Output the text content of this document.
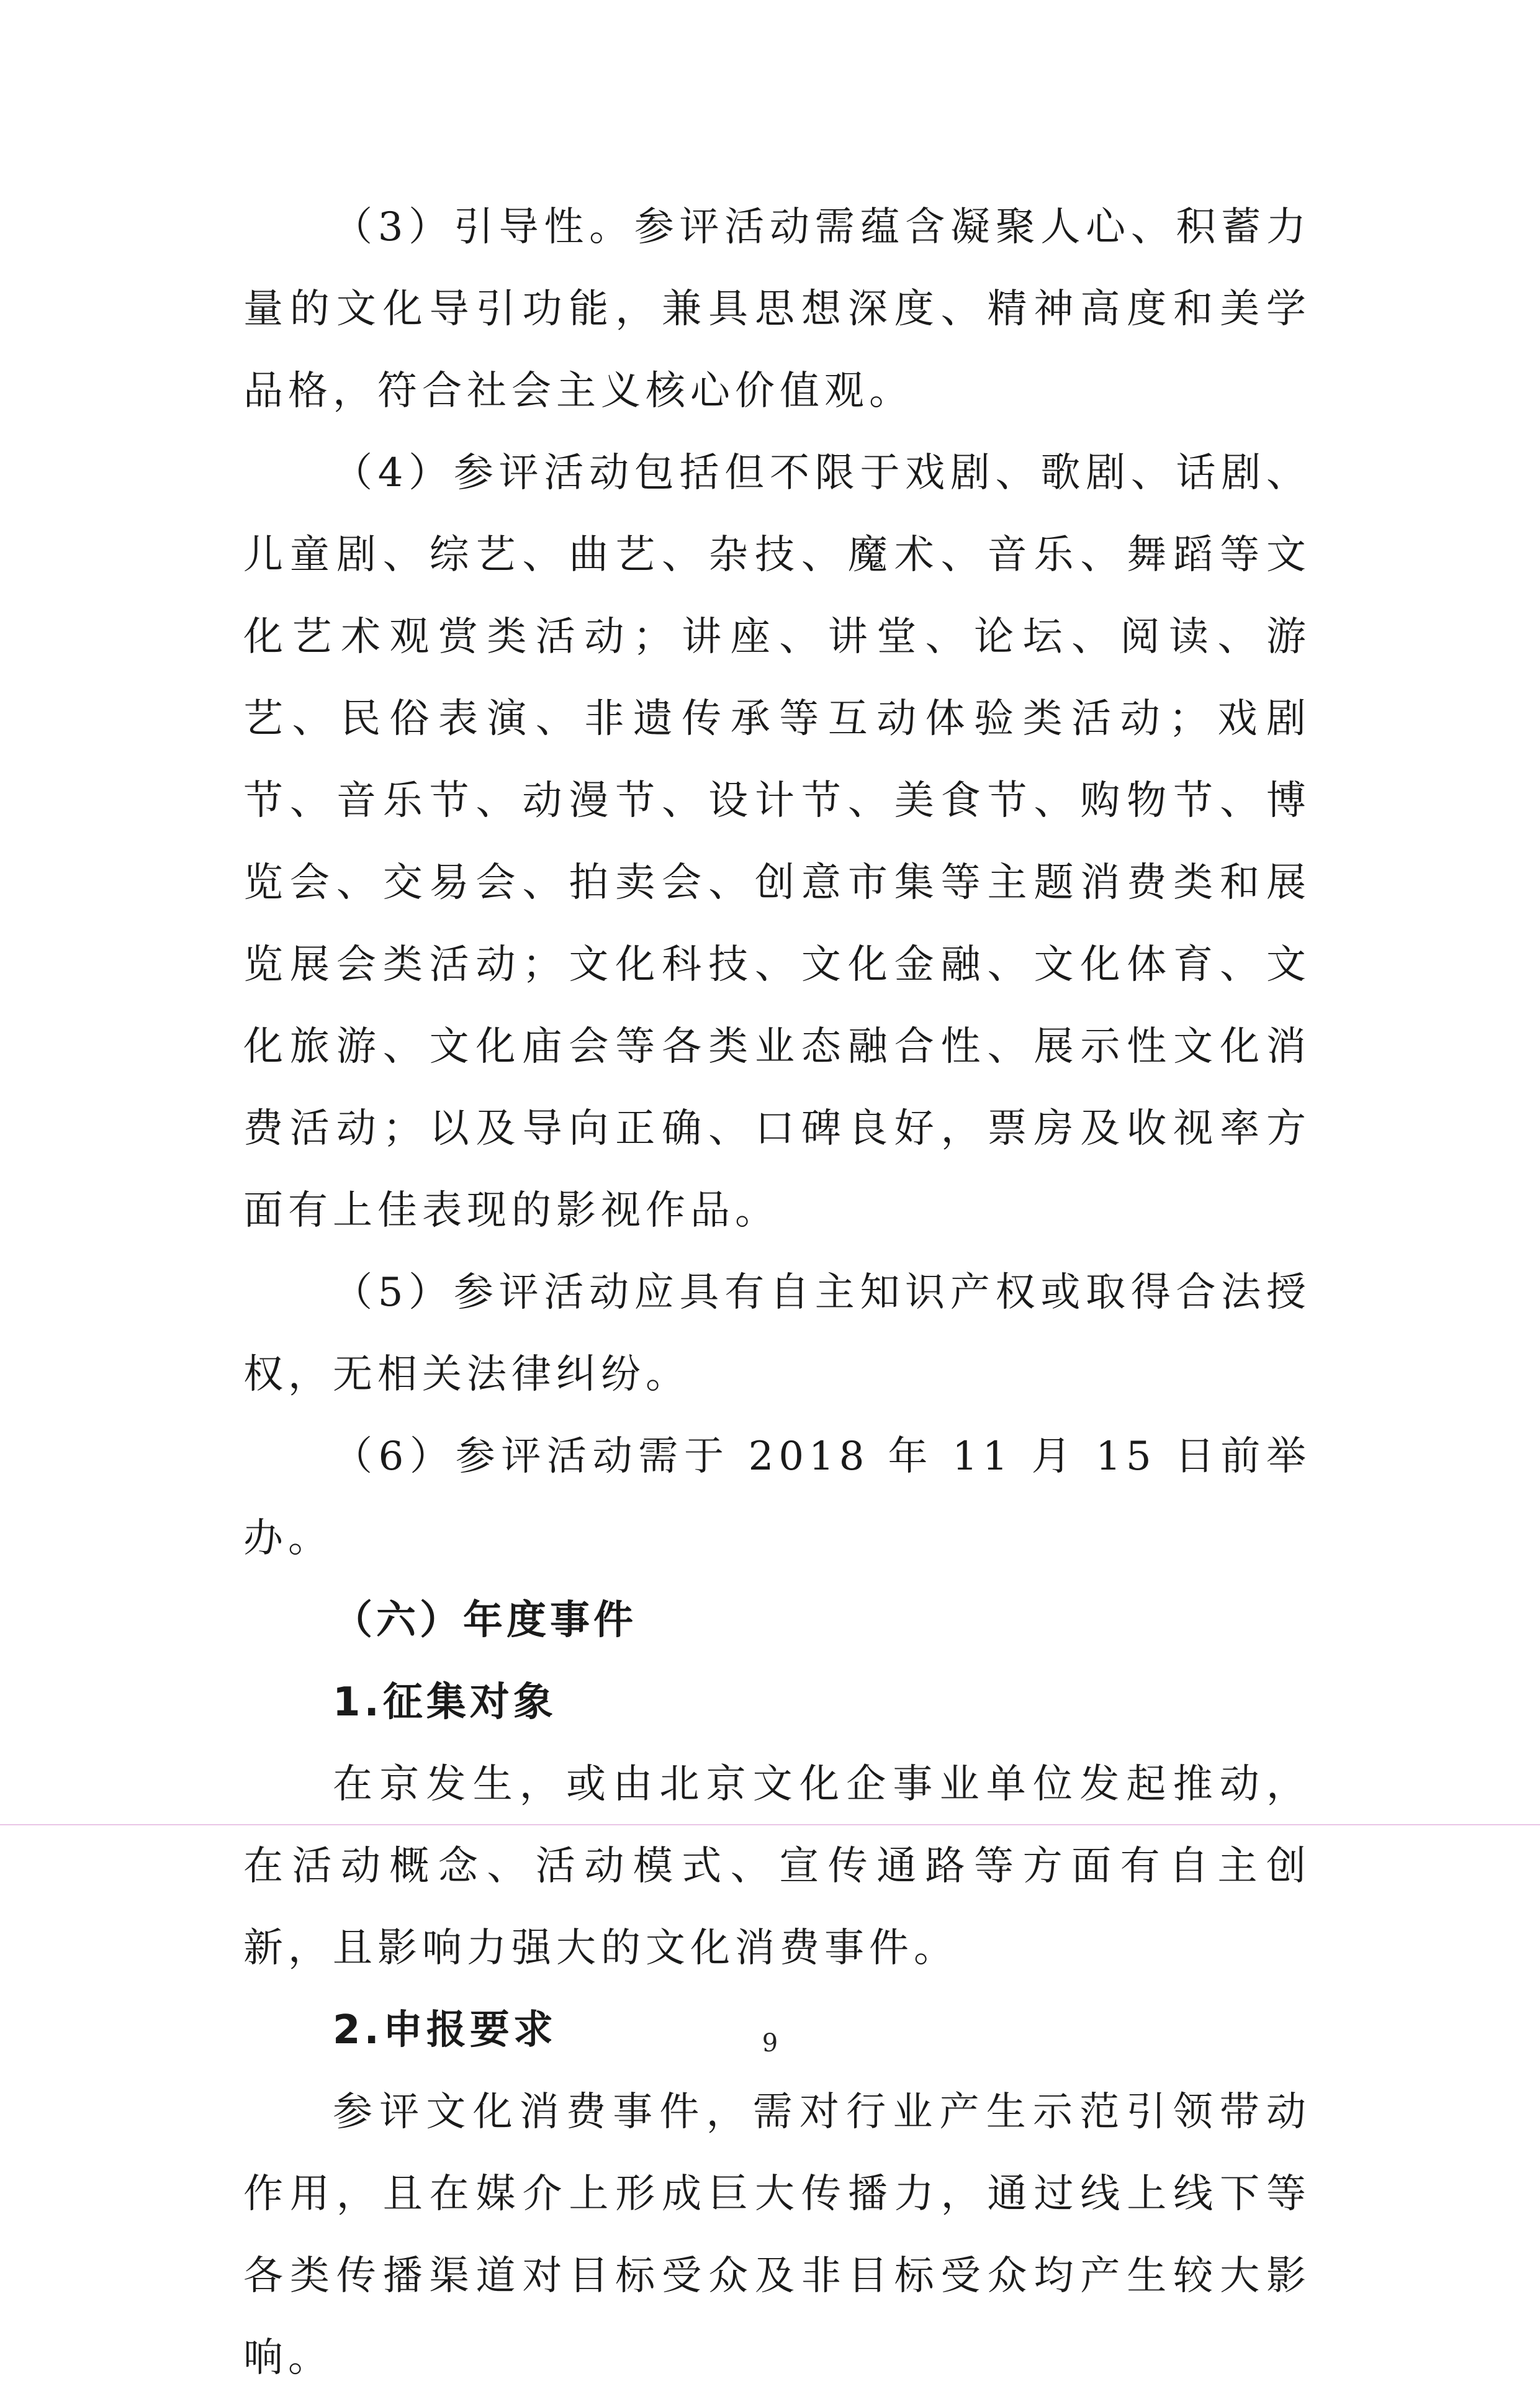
（3）引导性。参评活动需蕴含凝聚人心、积蓄力量的文化导引功能，兼具思想深度、精神高度和美学品格，符合社会主义核心价值观。

（4）参评活动包括但不限于戏剧、歌剧、话剧、儿童剧、综艺、曲艺、杂技、魔术、音乐、舞蹈等文化艺术观赏类活动；讲座、讲堂、论坛、阅读、游艺、民俗表演、非遗传承等互动体验类活动；戏剧节、音乐节、动漫节、设计节、美食节、购物节、博览会、交易会、拍卖会、创意市集等主题消费类和展览展会类活动；文化科技、文化金融、文化体育、文化旅游、文化庙会等各类业态融合性、展示性文化消费活动；以及导向正确、口碑良好，票房及收视率方面有上佳表现的影视作品。

（5）参评活动应具有自主知识产权或取得合法授权，无相关法律纠纷。

（6）参评活动需于 2018 年 11 月 15 日前举办。

（六）年度事件

1.征集对象

在京发生，或由北京文化企事业单位发起推动，在活动概念、活动模式、宣传通路等方面有自主创新，且影响力强大的文化消费事件。

2.申报要求

参评文化消费事件，需对行业产生示范引领带动作用，且在媒介上形成巨大传播力，通过线上线下等各类传播渠道对目标受众及非目标受众均产生较大影响。

9
